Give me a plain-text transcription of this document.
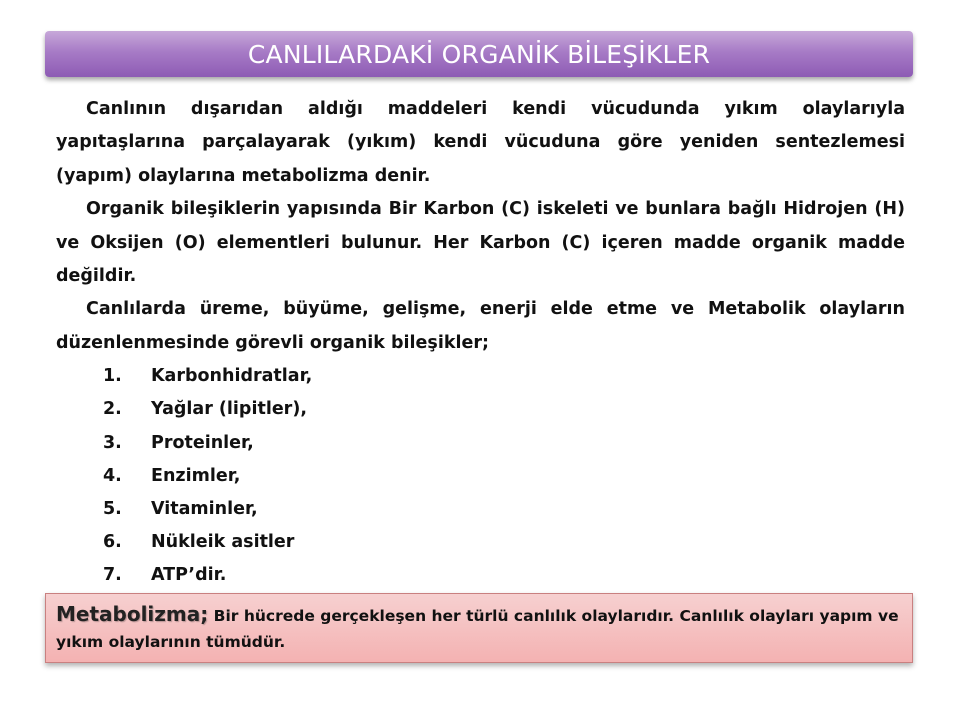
CANLILARDAKİ ORGANİK BİLEŞİKLER

Canlının dışarıdan aldığı maddeleri kendi vücudunda yıkım olaylarıyla yapıtaşlarına parçalayarak (yıkım) kendi vücuduna göre yeniden sentezlemesi (yapım) olaylarına metabolizma denir.

Organik bileşiklerin yapısında Bir Karbon (C) iskeleti ve bunlara bağlı Hidrojen (H) ve Oksijen (O) elementleri bulunur. Her Karbon (C) içeren madde organik madde değildir.

Canlılarda üreme, büyüme, gelişme, enerji elde etme ve Metabolik olayların düzenlenmesinde görevli organik bileşikler;

1.	Karbonhidratlar,
2.	Yağlar (lipitler),
3.	Proteinler,
4.	Enzimler,
5.	Vitaminler,
6.	Nükleik asitler
7.	ATP’dir.
Metabolizma; Bir hücrede gerçekleşen her türlü canlılık olaylarıdır. Canlılık olayları yapım ve yıkım olaylarının tümüdür.
